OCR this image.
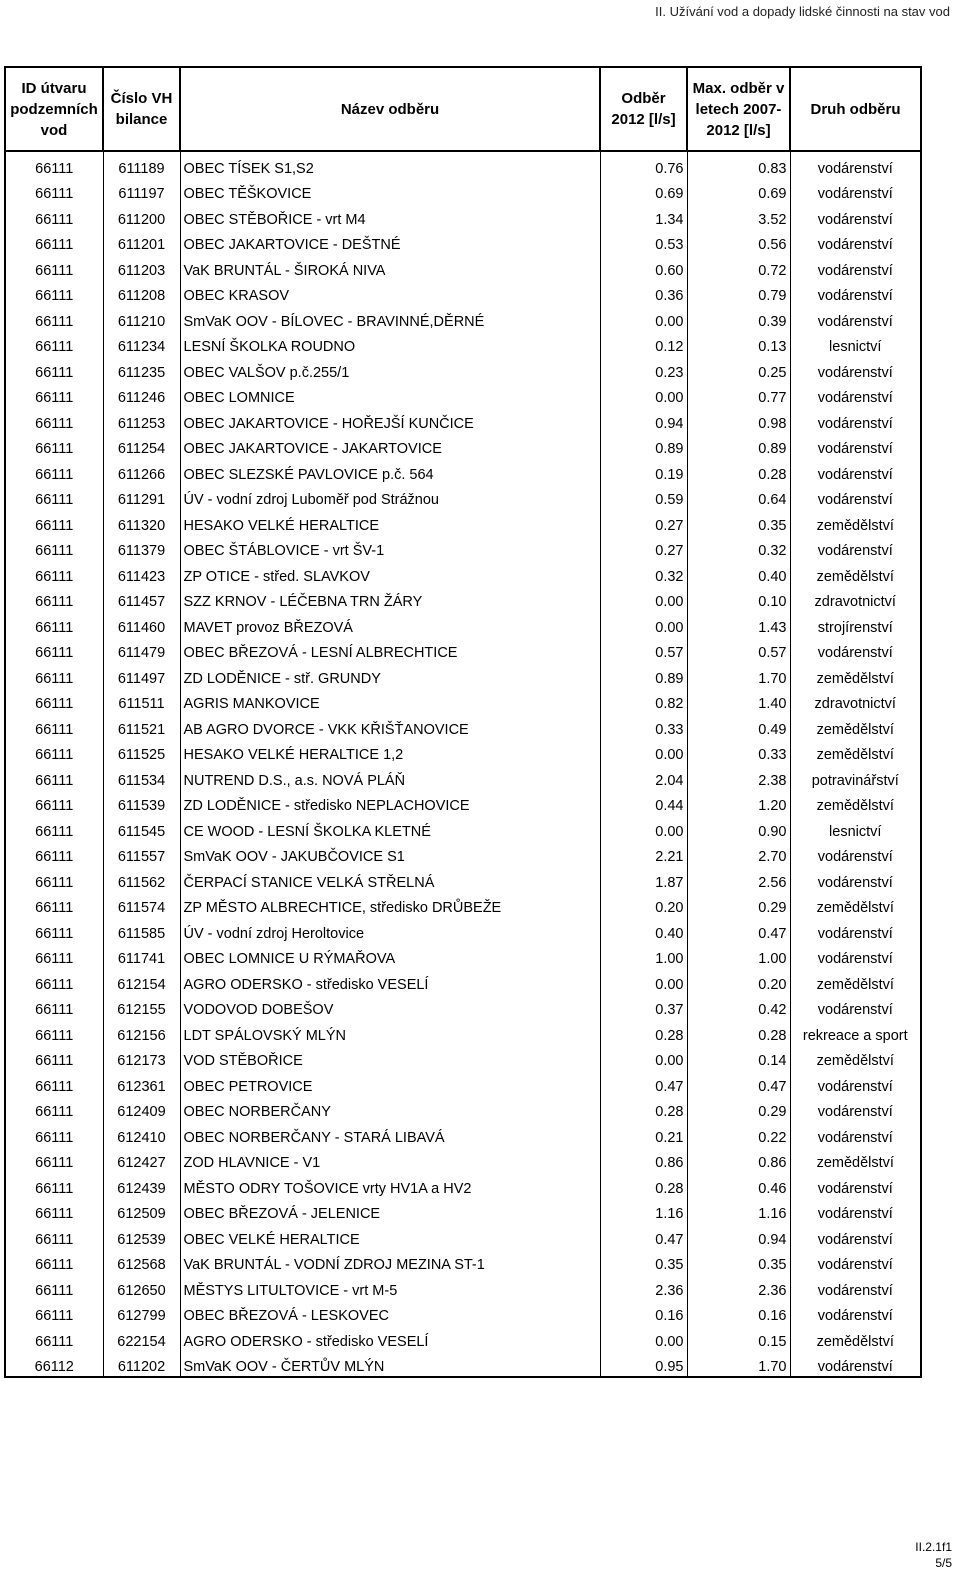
II. Užívání vod a dopady lidské činnosti na stav vod
ID útvaru podzemních vod	Číslo VH bilance	Název odběru	Odběr 2012 [l/s]	Max. odběr v letech 2007-2012 [l/s]	Druh odběru
66111	611189	OBEC TÍSEK S1,S2	0.76	0.83	vodárenství
66111	611197	OBEC TĚŠKOVICE	0.69	0.69	vodárenství
66111	611200	OBEC STĚBOŘICE - vrt M4	1.34	3.52	vodárenství
66111	611201	OBEC JAKARTOVICE - DEŠTNÉ	0.53	0.56	vodárenství
66111	611203	VaK BRUNTÁL - ŠIROKÁ NIVA	0.60	0.72	vodárenství
66111	611208	OBEC KRASOV	0.36	0.79	vodárenství
66111	611210	SmVaK OOV - BÍLOVEC - BRAVINNÉ,DĚRNÉ	0.00	0.39	vodárenství
66111	611234	LESNÍ ŠKOLKA ROUDNO	0.12	0.13	lesnictví
66111	611235	OBEC VALŠOV p.č.255/1	0.23	0.25	vodárenství
66111	611246	OBEC LOMNICE	0.00	0.77	vodárenství
66111	611253	OBEC JAKARTOVICE - HOŘEJŠÍ KUNČICE	0.94	0.98	vodárenství
66111	611254	OBEC JAKARTOVICE - JAKARTOVICE	0.89	0.89	vodárenství
66111	611266	OBEC SLEZSKÉ PAVLOVICE p.č. 564	0.19	0.28	vodárenství
66111	611291	ÚV - vodní zdroj Luboměř pod Strážnou	0.59	0.64	vodárenství
66111	611320	HESAKO VELKÉ HERALTICE	0.27	0.35	zemědělství
66111	611379	OBEC ŠTÁBLOVICE - vrt ŠV-1	0.27	0.32	vodárenství
66111	611423	ZP OTICE - střed. SLAVKOV	0.32	0.40	zemědělství
66111	611457	SZZ KRNOV - LÉČEBNA TRN ŽÁRY	0.00	0.10	zdravotnictví
66111	611460	MAVET provoz BŘEZOVÁ	0.00	1.43	strojírenství
66111	611479	OBEC BŘEZOVÁ - LESNÍ ALBRECHTICE	0.57	0.57	vodárenství
66111	611497	ZD LODĚNICE - stř. GRUNDY	0.89	1.70	zemědělství
66111	611511	AGRIS MANKOVICE	0.82	1.40	zdravotnictví
66111	611521	AB AGRO DVORCE - VKK KŘIŠŤANOVICE	0.33	0.49	zemědělství
66111	611525	HESAKO VELKÉ HERALTICE 1,2	0.00	0.33	zemědělství
66111	611534	NUTREND D.S., a.s. NOVÁ PLÁŇ	2.04	2.38	potravinářství
66111	611539	ZD LODĚNICE - středisko NEPLACHOVICE	0.44	1.20	zemědělství
66111	611545	CE WOOD - LESNÍ ŠKOLKA KLETNÉ	0.00	0.90	lesnictví
66111	611557	SmVaK OOV - JAKUBČOVICE S1	2.21	2.70	vodárenství
66111	611562	ČERPACÍ STANICE VELKÁ STŘELNÁ	1.87	2.56	vodárenství
66111	611574	ZP MĚSTO ALBRECHTICE, středisko DRŮBEŽE	0.20	0.29	zemědělství
66111	611585	ÚV - vodní zdroj Heroltovice	0.40	0.47	vodárenství
66111	611741	OBEC LOMNICE U RÝMAŘOVA	1.00	1.00	vodárenství
66111	612154	AGRO ODERSKO - středisko VESELÍ	0.00	0.20	zemědělství
66111	612155	VODOVOD DOBEŠOV	0.37	0.42	vodárenství
66111	612156	LDT SPÁLOVSKÝ MLÝN	0.28	0.28	rekreace a sport
66111	612173	VOD STĚBOŘICE	0.00	0.14	zemědělství
66111	612361	OBEC PETROVICE	0.47	0.47	vodárenství
66111	612409	OBEC NORBERČANY	0.28	0.29	vodárenství
66111	612410	OBEC NORBERČANY - STARÁ LIBAVÁ	0.21	0.22	vodárenství
66111	612427	ZOD HLAVNICE - V1	0.86	0.86	zemědělství
66111	612439	MĚSTO ODRY TOŠOVICE vrty HV1A a HV2	0.28	0.46	vodárenství
66111	612509	OBEC BŘEZOVÁ - JELENICE	1.16	1.16	vodárenství
66111	612539	OBEC VELKÉ HERALTICE	0.47	0.94	vodárenství
66111	612568	VaK BRUNTÁL - VODNÍ ZDROJ MEZINA ST-1	0.35	0.35	vodárenství
66111	612650	MĚSTYS LITULTOVICE - vrt M-5	2.36	2.36	vodárenství
66111	612799	OBEC BŘEZOVÁ - LESKOVEC	0.16	0.16	vodárenství
66111	622154	AGRO ODERSKO - středisko VESELÍ	0.00	0.15	zemědělství
66112	611202	SmVaK OOV - ČERTŮV MLÝN	0.95	1.70	vodárenství
II.2.1f1
5/5
